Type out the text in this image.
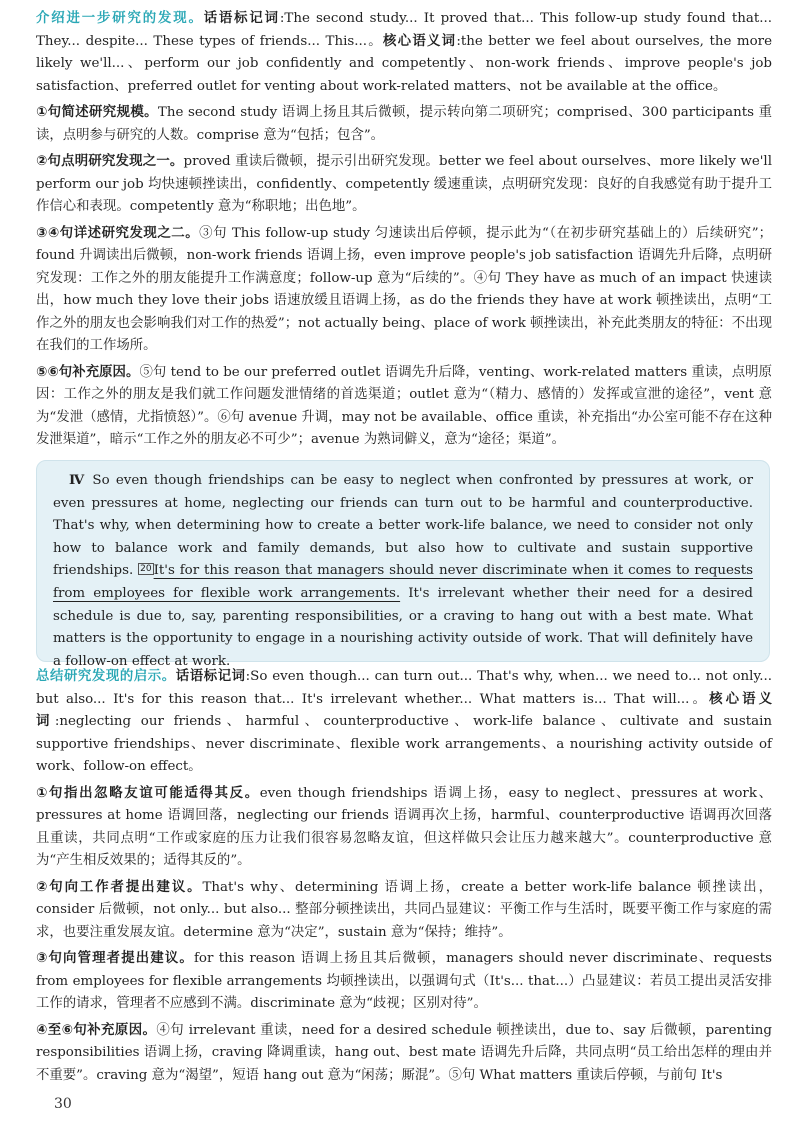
介绍进一步研究的发现。话语标记词:The second study... It proved that... This follow-up study found that... They... despite... These types of friends... This...。核心语义词:the better we feel about ourselves, the more likely we'll...、perform our job confidently and competently、non-work friends、improve people's job satisfaction、preferred outlet for venting about work-related matters、not be available at the office。

①句简述研究规模。The second study 语调上扬且其后微顿，提示转向第二项研究；comprised、300 participants 重读，点明参与研究的人数。comprise 意为“包括；包含”。

②句点明研究发现之一。proved 重读后微顿，提示引出研究发现。better we feel about ourselves、more likely we'll perform our job 均快速顿挫读出，confidently、competently 缓速重读，点明研究发现：良好的自我感觉有助于提升工作信心和表现。competently 意为“称职地；出色地”。

③④句详述研究发现之二。③句 This follow-up study 匀速读出后停顿，提示此为“（在初步研究基础上的）后续研究”；found 升调读出后微顿，non-work friends 语调上扬，even improve people's job satisfaction 语调先升后降，点明研究发现：工作之外的朋友能提升工作满意度；follow-up 意为“后续的”。④句 They have as much of an impact 快速读出，how much they love their jobs 语速放缓且语调上扬，as do the friends they have at work 顿挫读出，点明“工作之外的朋友也会影响我们对工作的热爱”；not actually being、place of work 顿挫读出，补充此类朋友的特征：不出现在我们的工作场所。

⑤⑥句补充原因。⑤句 tend to be our preferred outlet 语调先升后降，venting、work-related matters 重读，点明原因：工作之外的朋友是我们就工作问题发泄情绪的首选渠道；outlet 意为“（精力、感情的）发挥或宣泄的途径”，vent 意为“发泄（感情，尤指愤怒）”。⑥句 avenue 升调，may not be available、office 重读，补充指出“办公室可能不存在这种发泄渠道”，暗示“工作之外的朋友必不可少”；avenue 为熟词僻义，意为“途径；渠道”。

Ⅳ So even though friendships can be easy to neglect when confronted by pressures at work, or even pressures at home, neglecting our friends can turn out to be harmful and counterproductive. That's why, when determining how to create a better work-life balance, we need to consider not only how to balance work and family demands, but also how to cultivate and sustain supportive friendships. 20 It's for this reason that managers should never discriminate when it comes to requests from employees for flexible work arrangements. It's irrelevant whether their need for a desired schedule is due to, say, parenting responsibilities, or a craving to hang out with a best mate. What matters is the opportunity to engage in a nourishing activity outside of work. That will definitely have a follow-on effect at work.

总结研究发现的启示。话语标记词:So even though... can turn out... That's why, when... we need to... not only... but also... It's for this reason that... It's irrelevant whether... What matters is... That will...。核心语义词:neglecting our friends、harmful、counterproductive、work-life balance、cultivate and sustain supportive friendships、never discriminate、flexible work arrangements、a nourishing activity outside of work、follow-on effect。

①句指出忽略友谊可能适得其反。even though friendships 语调上扬，easy to neglect、pressures at work、pressures at home 语调回落，neglecting our friends 语调再次上扬，harmful、counterproductive 语调再次回落且重读，共同点明“工作或家庭的压力让我们很容易忽略友谊，但这样做只会让压力越来越大”。counterproductive 意为“产生相反效果的；适得其反的”。

②句向工作者提出建议。That's why、determining 语调上扬，create a better work-life balance 顿挫读出，consider 后微顿，not only... but also... 整部分顿挫读出，共同凸显建议：平衡工作与生活时，既要平衡工作与家庭的需求，也要注重发展友谊。determine 意为“决定”，sustain 意为“保持；维持”。

③句向管理者提出建议。for this reason 语调上扬且其后微顿，managers should never discriminate、requests from employees for flexible arrangements 均顿挫读出，以强调句式（It's... that...）凸显建议：若员工提出灵活安排工作的请求，管理者不应感到不满。discriminate 意为“歧视；区别对待”。

④至⑥句补充原因。④句 irrelevant 重读，need for a desired schedule 顿挫读出，due to、say 后微顿，parenting responsibilities 语调上扬，craving 降调重读，hang out、best mate 语调先升后降，共同点明“员工给出怎样的理由并不重要”。craving 意为“渴望”，短语 hang out 意为“闲荡；厮混”。⑤句 What matters 重读后停顿，与前句 It's

30
